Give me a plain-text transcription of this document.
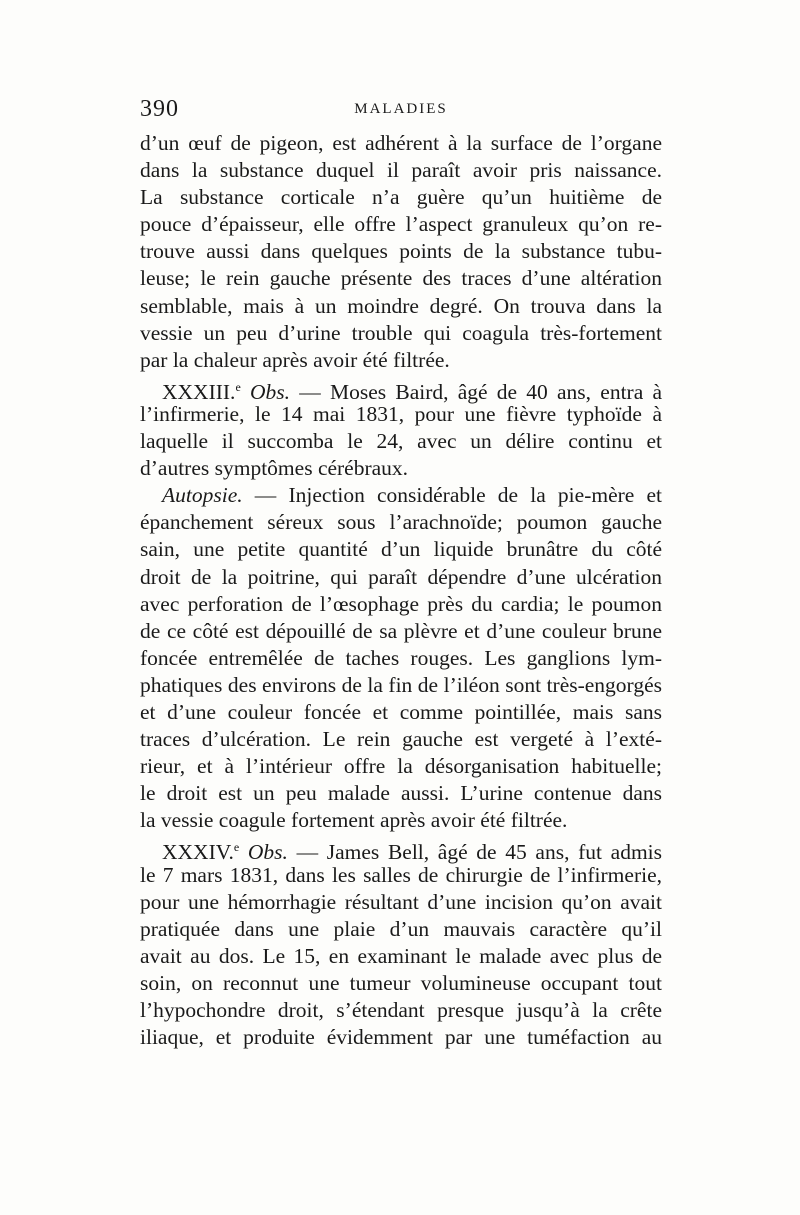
390	MALADIES
d’un œuf de pigeon, est adhérent à la surface de l’organe
dans la substance duquel il paraît avoir pris naissance.
La substance corticale n’a guère qu’un huitième de
pouce d’épaisseur, elle offre l’aspect granuleux qu’on re-
trouve aussi dans quelques points de la substance tubu-
leuse; le rein gauche présente des traces d’une altération
semblable, mais à un moindre degré. On trouva dans la
vessie un peu d’urine trouble qui coagula très-fortement
par la chaleur après avoir été filtrée.
XXXIII.$^e$ Obs. — Moses Baird, âgé de 40 ans, entra à
l’infirmerie, le 14 mai 1831, pour une fièvre typhoïde à
laquelle il succomba le 24, avec un délire continu et
d’autres symptômes cérébraux.
Autopsie. — Injection considérable de la pie-mère et
épanchement séreux sous l’arachnoïde; poumon gauche
sain, une petite quantité d’un liquide brunâtre du côté
droit de la poitrine, qui paraît dépendre d’une ulcération
avec perforation de l’œsophage près du cardia; le poumon
de ce côté est dépouillé de sa plèvre et d’une couleur brune
foncée entremêlée de taches rouges. Les ganglions lym-
phatiques des environs de la fin de l’iléon sont très-engorgés
et d’une couleur foncée et comme pointillée, mais sans
traces d’ulcération. Le rein gauche est vergeté à l’exté-
rieur, et à l’intérieur offre la désorganisation habituelle;
le droit est un peu malade aussi. L’urine contenue dans
la vessie coagule fortement après avoir été filtrée.
XXXIV.$^e$ Obs. — James Bell, âgé de 45 ans, fut admis
le 7 mars 1831, dans les salles de chirurgie de l’infirmerie,
pour une hémorrhagie résultant d’une incision qu’on avait
pratiquée dans une plaie d’un mauvais caractère qu’il
avait au dos. Le 15, en examinant le malade avec plus de
soin, on reconnut une tumeur volumineuse occupant tout
l’hypochondre droit, s’étendant presque jusqu’à la crête
iliaque, et produite évidemment par une tuméfaction au
